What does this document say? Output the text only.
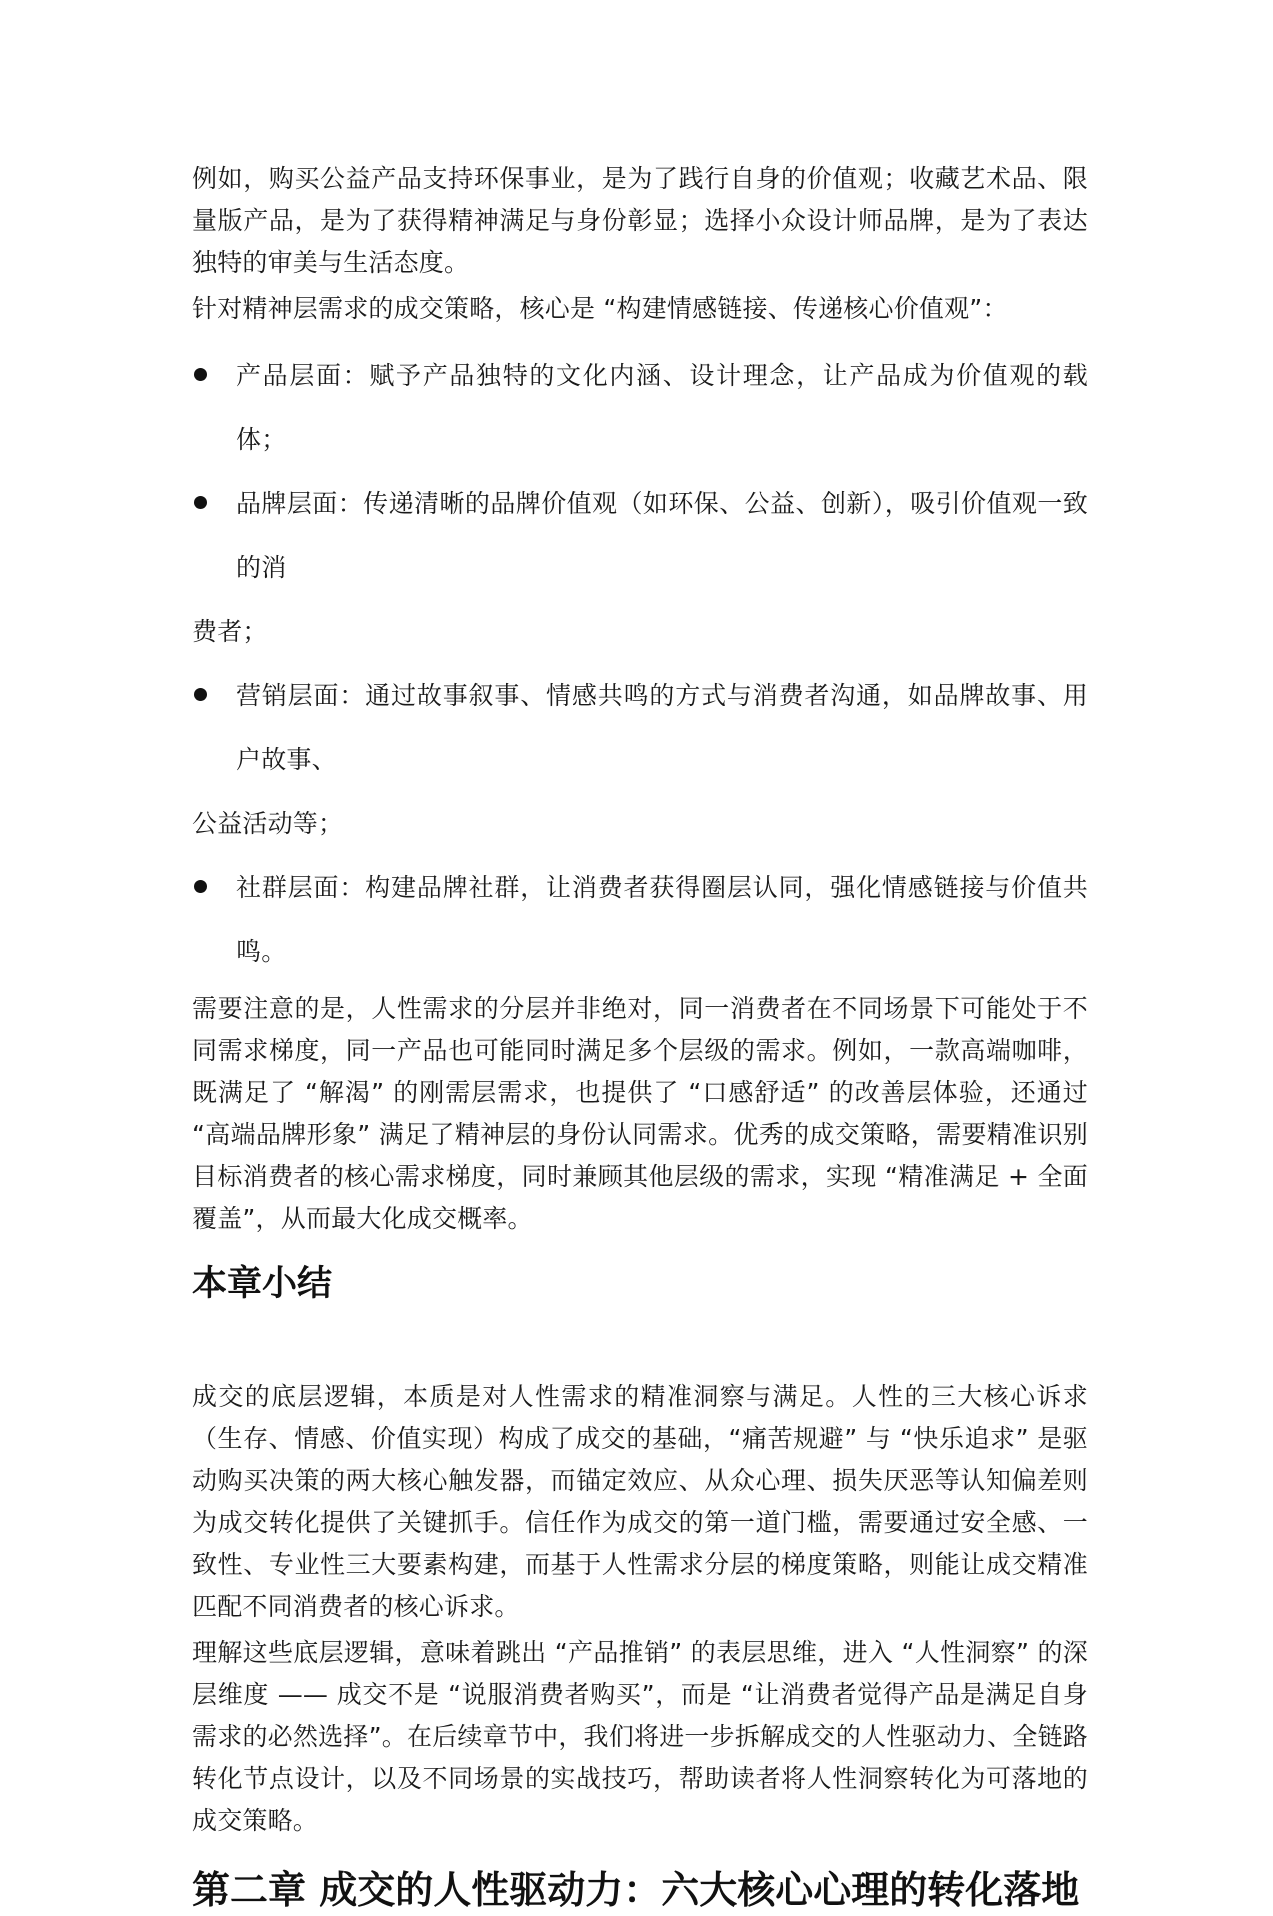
例如，购买公益产品支持环保事业，是为了践行自身的价值观；收藏艺术品、限量版产品，是为了获得精神满足与身份彰显；选择小众设计师品牌，是为了表达独特的审美与生活态度。

针对精神层需求的成交策略，核心是 “构建情感链接、传递核心价值观”：

产品层面：赋予产品独特的文化内涵、设计理念，让产品成为价值观的载体；
品牌层面：传递清晰的品牌价值观（如环保、公益、创新），吸引价值观一致的消
费者；
营销层面：通过故事叙事、情感共鸣的方式与消费者沟通，如品牌故事、用户故事、
公益活动等；
社群层面：构建品牌社群，让消费者获得圈层认同，强化情感链接与价值共鸣。

需要注意的是，人性需求的分层并非绝对，同一消费者在不同场景下可能处于不同需求梯度，同一产品也可能同时满足多个层级的需求。例如，一款高端咖啡，既满足了 “解渴” 的刚需层需求，也提供了 “口感舒适” 的改善层体验，还通过 “高端品牌形象” 满足了精神层的身份认同需求。优秀的成交策略，需要精准识别目标消费者的核心需求梯度，同时兼顾其他层级的需求，实现 “精准满足 + 全面覆盖”，从而最大化成交概率。

本章小结

成交的底层逻辑，本质是对人性需求的精准洞察与满足。人性的三大核心诉求（生存、情感、价值实现）构成了成交的基础，“痛苦规避” 与 “快乐追求” 是驱动购买决策的两大核心触发器，而锚定效应、从众心理、损失厌恶等认知偏差则为成交转化提供了关键抓手。信任作为成交的第一道门槛，需要通过安全感、一致性、专业性三大要素构建，而基于人性需求分层的梯度策略，则能让成交精准匹配不同消费者的核心诉求。

理解这些底层逻辑，意味着跳出 “产品推销” 的表层思维，进入 “人性洞察” 的深层维度 —— 成交不是 “说服消费者购买”，而是 “让消费者觉得产品是满足自身需求的必然选择”。在后续章节中，我们将进一步拆解成交的人性驱动力、全链路转化节点设计，以及不同场景的实战技巧，帮助读者将人性洞察转化为可落地的成交策略。

第二章 成交的人性驱动力：六大核心心理的转化落地
